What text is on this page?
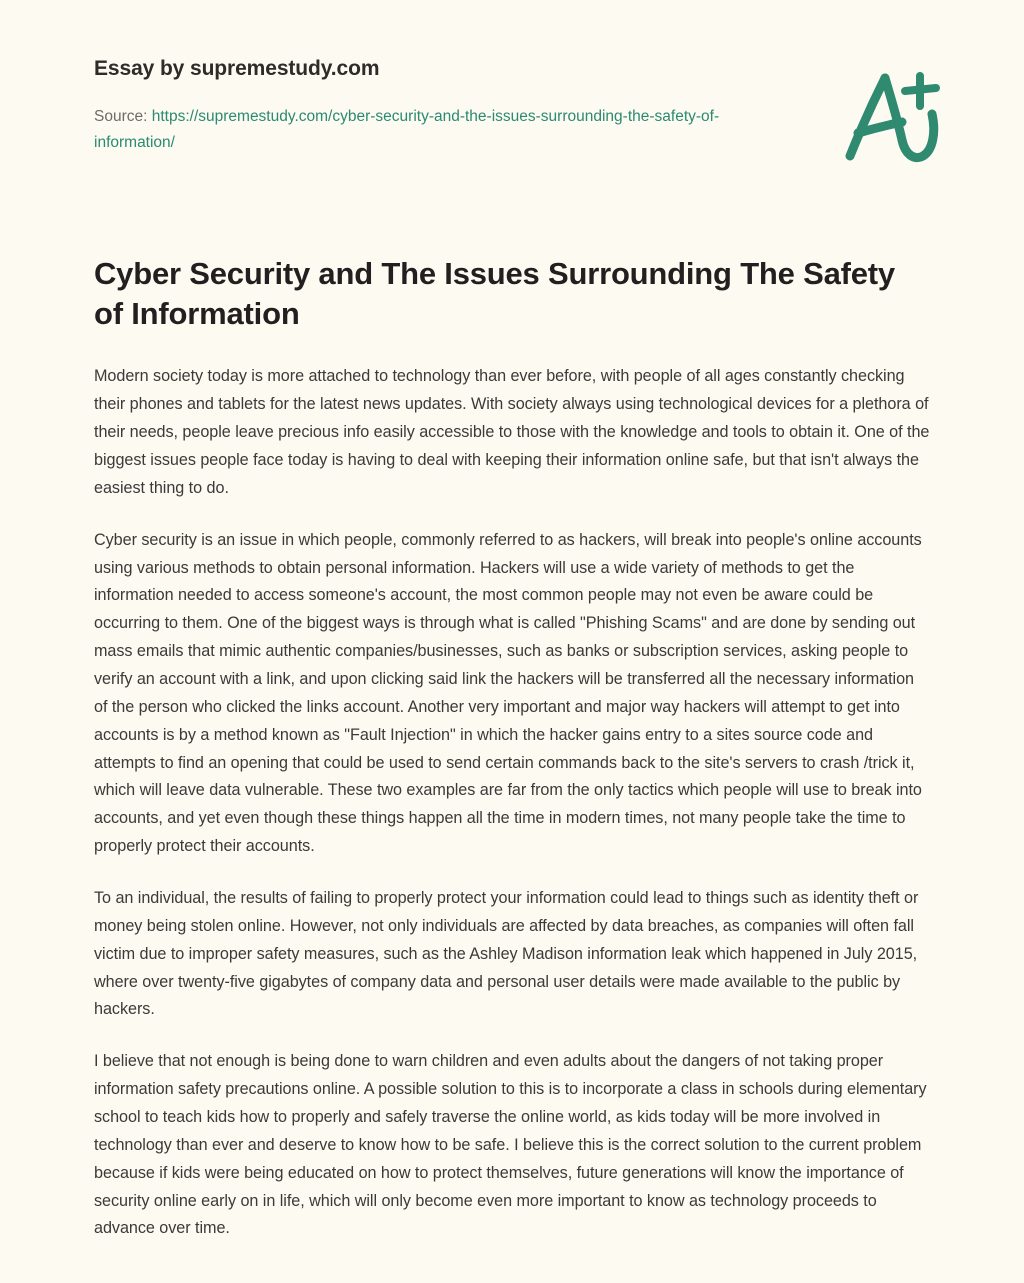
Essay by supremestudy.com
Source: https://supremestudy.com/cyber-security-and-the-issues-surrounding-the-safety-of-information/
Cyber Security and The Issues Surrounding The Safety of Information

Modern society today is more attached to technology than ever before, with people of all ages constantly checking their phones and tablets for the latest news updates. With society always using technological devices for a plethora of their needs, people leave precious info easily accessible to those with the knowledge and tools to obtain it. One of the biggest issues people face today is having to deal with keeping their information online safe, but that isn't always the easiest thing to do.

Cyber security is an issue in which people, commonly referred to as hackers, will break into people's online accounts using various methods to obtain personal information. Hackers will use a wide variety of methods to get the information needed to access someone's account, the most common people may not even be aware could be occurring to them. One of the biggest ways is through what is called "Phishing Scams" and are done by sending out mass emails that mimic authentic companies/businesses, such as banks or subscription services, asking people to verify an account with a link, and upon clicking said link the hackers will be transferred all the necessary information of the person who clicked the links account. Another very important and major way hackers will attempt to get into accounts is by a method known as "Fault Injection" in which the hacker gains entry to a sites source code and attempts to find an opening that could be used to send certain commands back to the site's servers to crash /trick it, which will leave data vulnerable. These two examples are far from the only tactics which people will use to break into accounts, and yet even though these things happen all the time in modern times, not many people take the time to properly protect their accounts.

To an individual, the results of failing to properly protect your information could lead to things such as identity theft or money being stolen online. However, not only individuals are affected by data breaches, as companies will often fall victim due to improper safety measures, such as the Ashley Madison information leak which happened in July 2015, where over twenty-five gigabytes of company data and personal user details were made available to the public by hackers.

I believe that not enough is being done to warn children and even adults about the dangers of not taking proper information safety precautions online. A possible solution to this is to incorporate a class in schools during elementary school to teach kids how to properly and safely traverse the online world, as kids today will be more involved in technology than ever and deserve to know how to be safe. I believe this is the correct solution to the current problem because if kids were being educated on how to protect themselves, future generations will know the importance of security online early on in life, which will only become even more important to know as technology proceeds to advance over time.
